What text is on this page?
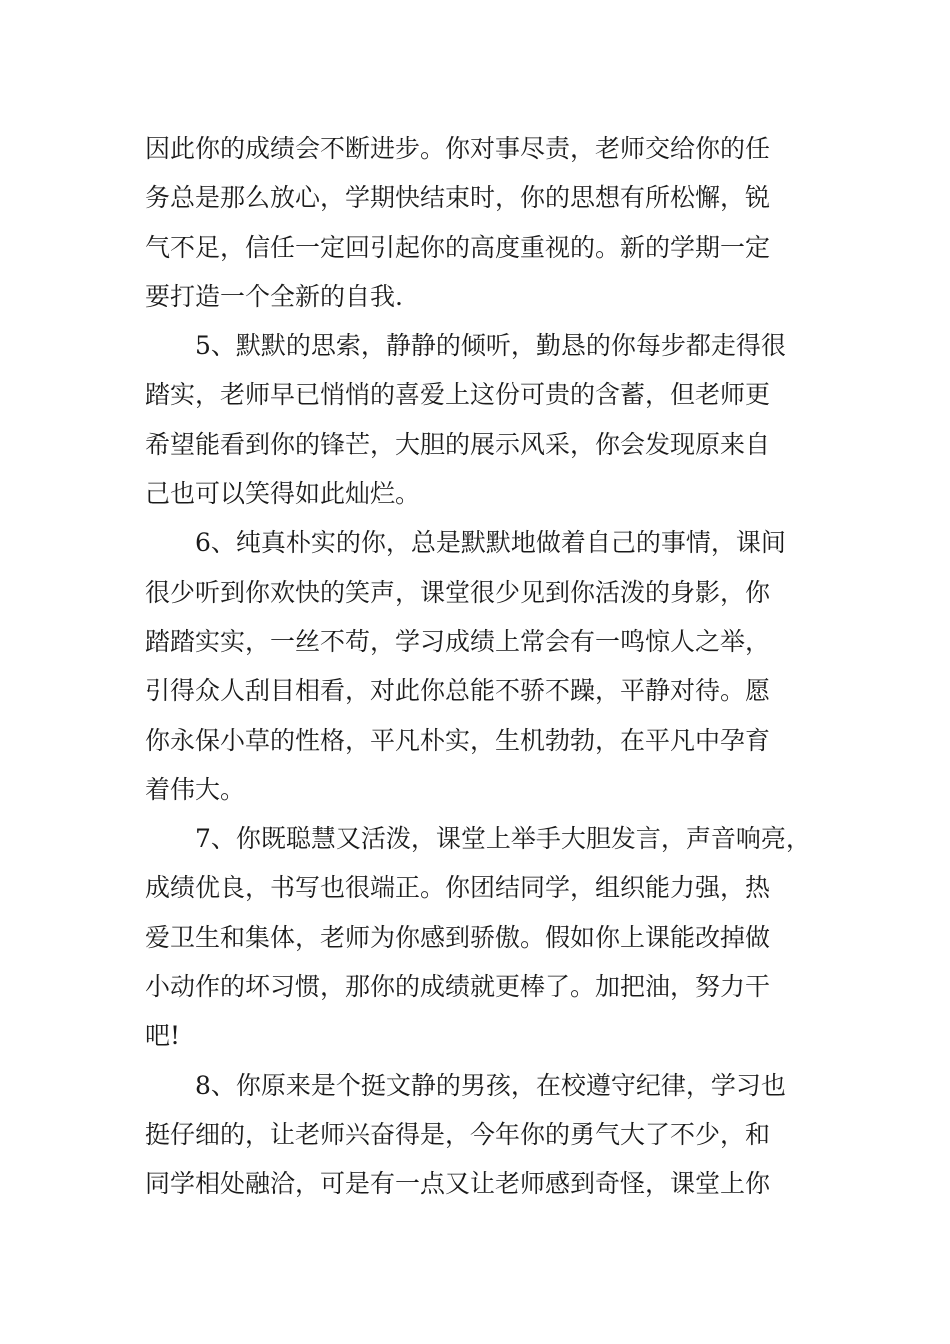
因此你的成绩会不断进步。你对事尽责，老师交给你的任
务总是那么放心，学期快结束时，你的思想有所松懈，锐
气不足，信任一定回引起你的高度重视的。新的学期一定
要打造一个全新的自我.
5、默默的思索，静静的倾听，勤恳的你每步都走得很
踏实，老师早已悄悄的喜爱上这份可贵的含蓄，但老师更
希望能看到你的锋芒，大胆的展示风采，你会发现原来自
己也可以笑得如此灿烂。
6、纯真朴实的你，总是默默地做着自己的事情，课间
很少听到你欢快的笑声，课堂很少见到你活泼的身影，你
踏踏实实，一丝不苟，学习成绩上常会有一鸣惊人之举，
引得众人刮目相看，对此你总能不骄不躁，平静对待。愿
你永保小草的性格，平凡朴实，生机勃勃，在平凡中孕育
着伟大。
7、你既聪慧又活泼，课堂上举手大胆发言，声音响亮，
成绩优良，书写也很端正。你团结同学，组织能力强，热
爱卫生和集体，老师为你感到骄傲。假如你上课能改掉做
小动作的坏习惯，那你的成绩就更棒了。加把油，努力干
吧!
8、你原来是个挺文静的男孩，在校遵守纪律，学习也
挺仔细的，让老师兴奋得是，今年你的勇气大了不少，和
同学相处融洽，可是有一点又让老师感到奇怪，课堂上你
